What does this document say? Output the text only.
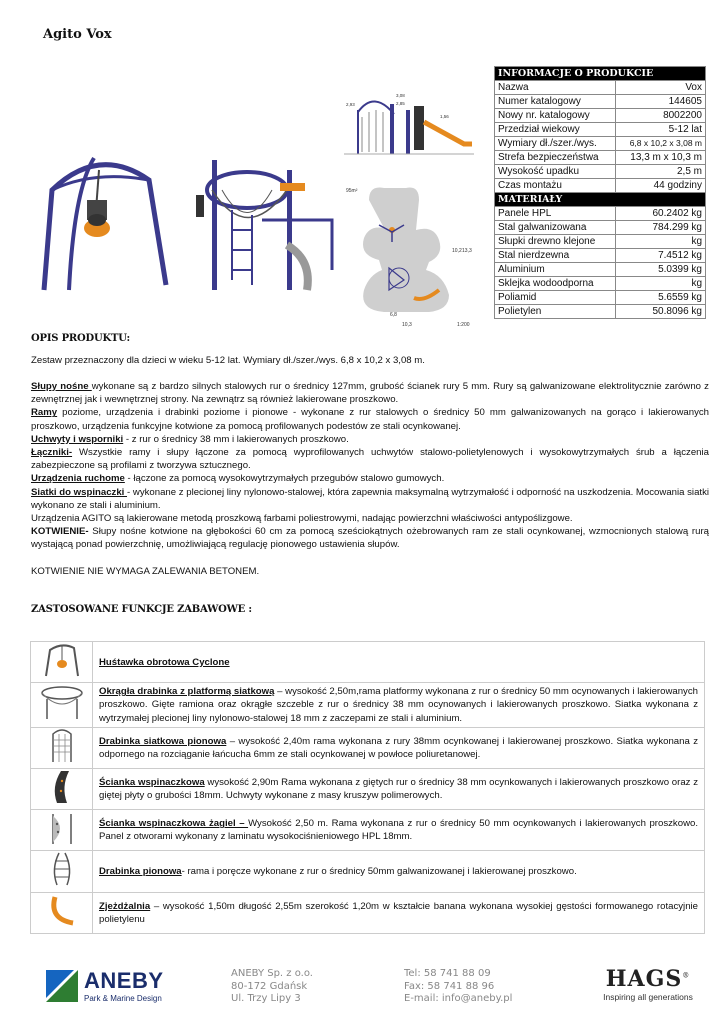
Agito Vox
2,93
3,08
2,85
1,56
95m²
10,2 13,3
6,8
10,3	1:200
INFORMACJE O PRODUKCIE	
Nazwa	Vox
Numer katalogowy	144605
Nowy nr. katalogowy	8002200
Przedział wiekowy	5-12 lat
Wymiary dł./szer./wys.	6,8 x 10,2 x 3,08 m
Strefa bezpieczeństwa	13,3 m x 10,3 m
Wysokość upadku	2,5 m
Czas montażu	44 godziny
MATERIAŁY	
Panele HPL	60.2402 kg
Stal galwanizowana	784.299 kg
Słupki drewno klejone	kg
Stal nierdzewna	7.4512 kg
Aluminium	5.0399 kg
Sklejka wodoodporna	kg
Poliamid	5.6559 kg
Polietylen	50.8096 kg
OPIS PRODUKTU:
Zestaw przeznaczony dla dzieci w wieku 5-12 lat. Wymiary dł./szer./wys. 6,8 x 10,2 x 3,08 m.

Słupy nośne wykonane są z bardzo silnych stalowych rur o średnicy 127mm, grubość ścianek rury 5 mm. Rury są galwanizowane elektrolitycznie zarówno z zewnętrznej jak i wewnętrznej strony. Na zewnątrz są również lakierowane proszkowo.

Ramy poziome, urządzenia i drabinki poziome i pionowe - wykonane z rur stalowych o średnicy 50 mm galwanizowanych na gorąco i lakierowanych proszkowo, urządzenia funkcyjne kotwione za pomocą profilowanych podestów ze stali ocynkowanej.

Uchwyty i wsporniki - z rur o średnicy 38 mm i lakierowanych proszkowo.

Łączniki- Wszystkie ramy i słupy łączone za pomocą wyprofilowanych uchwytów stalowo-polietylenowych i wysokowytrzymałych śrub a łączenia zabezpieczone są profilami z tworzywa sztucznego.

Urządzenia ruchome - łączone za pomocą wysokowytrzymałych przegubów stalowo gumowych.

Siatki do wspinaczki - wykonane z plecionej liny nylonowo-stalowej, która zapewnia maksymalną wytrzymałość i odporność na uszkodzenia. Mocowania siatki wykonano ze stali i aluminium.

Urządzenia AGITO są lakierowane metodą proszkową farbami poliestrowymi, nadając powierzchni właściwości antypoślizgowe.

KOTWIENIE- Słupy nośne kotwione na głębokości 60 cm za pomocą sześciokątnych ożebrowanych ram ze stali ocynkowanej, wzmocnionych stalową rurą wystającą ponad powierzchnię, umożliwiającą regulację pionowego ustawienia słupów.

KOTWIENIE NIE WYMAGA ZALEWANIA BETONEM.

ZASTOSOWANE FUNKCJE ZABAWOWE :
	Huśtawka obrotowa Cyclone
	Okrągła drabinka z platformą siatkową – wysokość 2,50m,rama platformy wykonana z rur o średnicy 50 mm ocynowanych i lakierowanych proszkowo. Gięte ramiona oraz okrągłe szczeble z rur o średnicy 38 mm ocynowanych i lakierowanych proszkowo. Siatka wykonana z wytrzymałej plecionej liny nylonowo-stalowej 18 mm z zaczepami ze stali i aluminium.
	Drabinka siatkowa pionowa – wysokość 2,40m rama wykonana z rury 38mm ocynkowanej i lakierowanej proszkowo. Siatka wykonana z odpornego na rozciąganie łańcucha 6mm ze stali ocynkowanej w powłoce poliuretanowej.
	Ścianka wspinaczkowa wysokość 2,90m Rama wykonana z giętych rur o średnicy 38 mm ocynkowanych i lakierowanych proszkowo oraz z giętej płyty o grubości 18mm. Uchwyty wykonane z masy kruszyw polimerowych.
	Ścianka wspinaczkowa żagiel – Wysokość 2,50 m. Rama wykonana z rur o średnicy 50 mm ocynkowanych i lakierowanych proszkowo. Panel z otworami wykonany z laminatu wysokociśnieniowego HPL 18mm.
	Drabinka pionowa- rama i poręcze wykonane z rur o średnicy 50mm galwanizowanej i lakierowanej proszkowo.
	Zjeżdżalnia – wysokość 1,50m długość 2,55m szerokość 1,20m w kształcie banana wykonana wysokiej gęstości formowanego rotacyjnie polietylenu
ANEBY
Park & Marine Design
ANEBY Sp. z o.o.
80-172 Gdańsk
Ul. Trzy Lipy 3
Tel: 58 741 88 09
Fax: 58 741 88 96
E-mail: info@aneby.pl
HAGS®
Inspiring all generations
